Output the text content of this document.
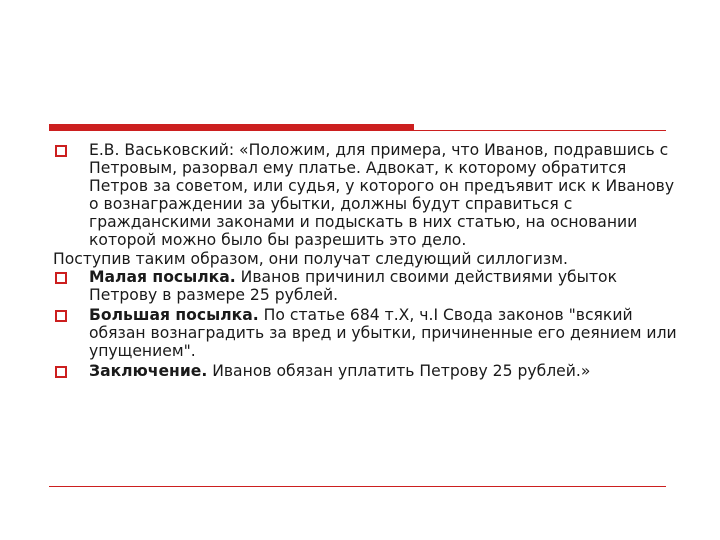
Е.В. Васьковский: «Положим, для примера, что Иванов, подравшись с Петровым, разорвал ему платье. Адвокат, к которому обратится Петров за советом, или судья, у которого он предъявит иск к Иванову о вознаграждении за убытки, должны будут справиться с гражданскими законами и подыскать в них статью, на основании которой можно было бы разрешить это дело.
Поступив таким образом, они получат следующий силлогизм.
Малая посылка. Иванов причинил своими действиями убыток Петрову в размере 25 рублей.
Большая посылка. По статье 684 т.Х, ч.I Свода законов "всякий обязан вознаградить за вред и убытки, причиненные его деянием или упущением".
Заключение. Иванов обязан уплатить Петрову 25 рублей.»
